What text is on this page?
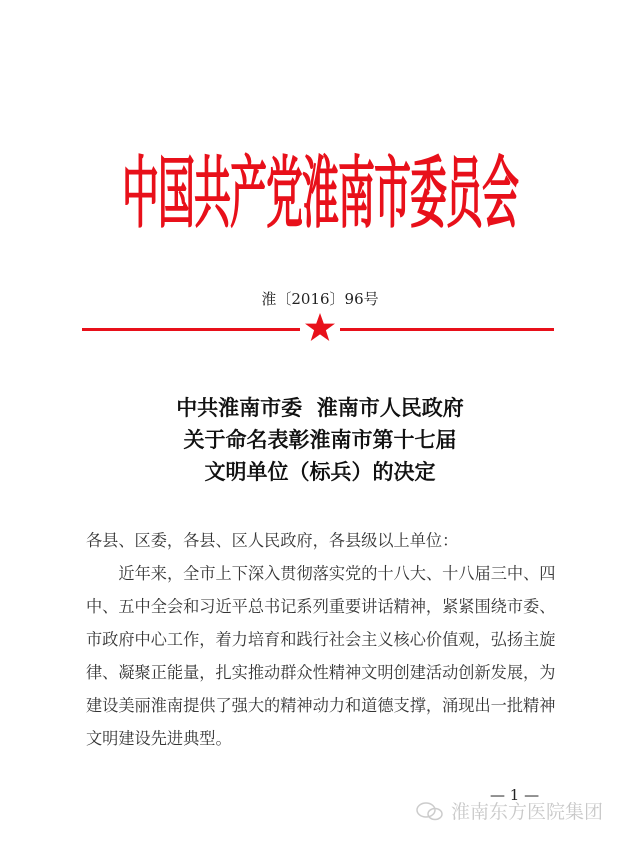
中国共产党淮南市委员会
淮〔2016〕96号
中共淮南市委  淮南市人民政府
关于命名表彰淮南市第十七届
文明单位（标兵）的决定

各县、区委，各县、区人民政府，各县级以上单位：

近年来，全市上下深入贯彻落实党的十八大、十八届三中、四中、五中全会和习近平总书记系列重要讲话精神，紧紧围绕市委、市政府中心工作，着力培育和践行社会主义核心价值观，弘扬主旋律、凝聚正能量，扎实推动群众性精神文明创建活动创新发展，为建设美丽淮南提供了强大的精神动力和道德支撑，涌现出一批精神文明建设先进典型。

— 1 —
淮南东方医院集团
